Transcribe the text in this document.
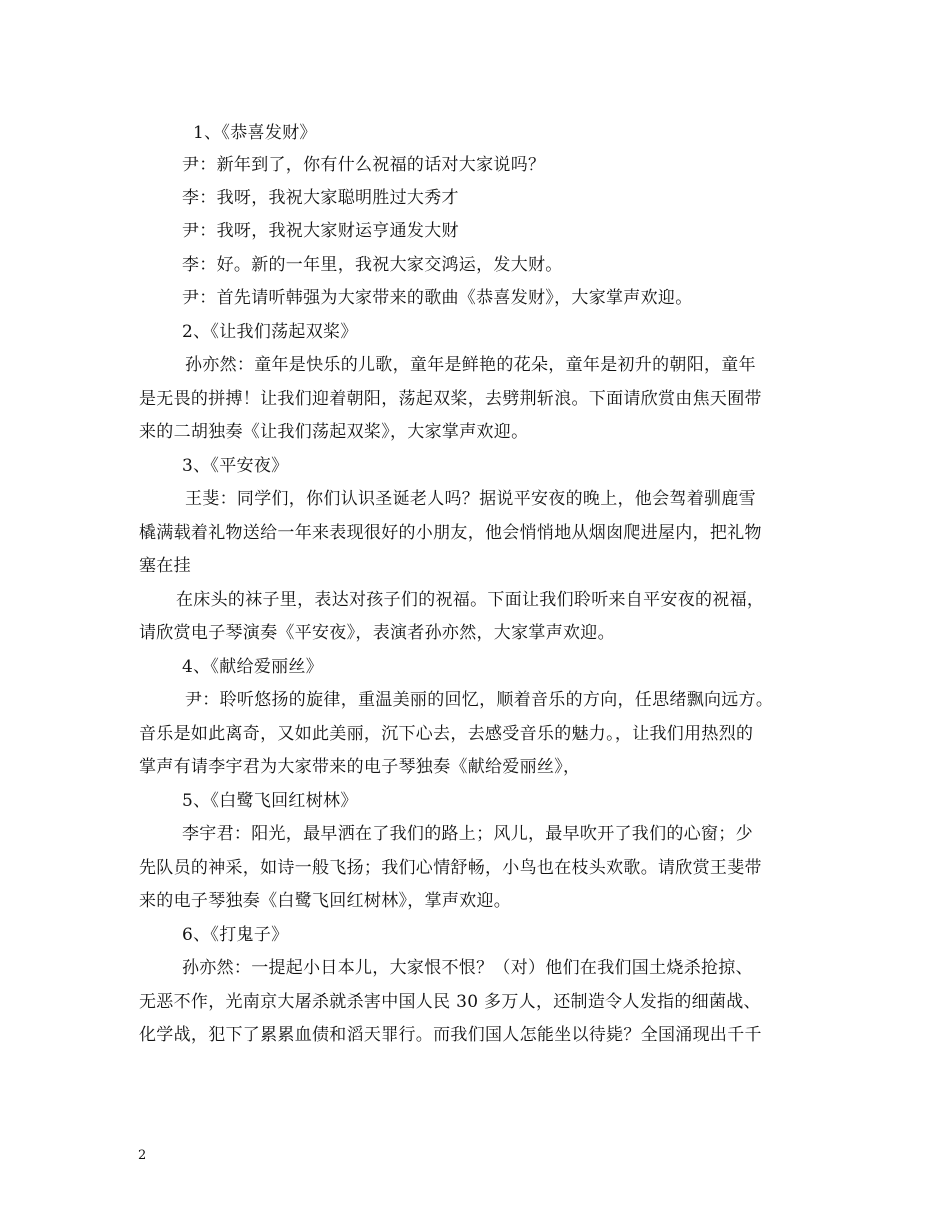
1、《恭喜发财》
尹：新年到了，你有什么祝福的话对大家说吗？
李：我呀，我祝大家聪明胜过大秀才
尹：我呀，我祝大家财运亨通发大财
李：好。新的一年里，我祝大家交鸿运，发大财。
尹：首先请听韩强为大家带来的歌曲《恭喜发财》，大家掌声欢迎。
2、《让我们荡起双桨》
孙亦然：童年是快乐的儿歌，童年是鲜艳的花朵，童年是初升的朝阳，童年
是无畏的拼搏！让我们迎着朝阳，荡起双桨，去劈荆斩浪。下面请欣赏由焦天囿带
来的二胡独奏《让我们荡起双桨》，大家掌声欢迎。
3、《平安夜》
王斐：同学们，你们认识圣诞老人吗？据说平安夜的晚上，他会驾着驯鹿雪
橇满载着礼物送给一年来表现很好的小朋友，他会悄悄地从烟囱爬进屋内，把礼物
塞在挂
在床头的袜子里，表达对孩子们的祝福。下面让我们聆听来自平安夜的祝福，
请欣赏电子琴演奏《平安夜》，表演者孙亦然，大家掌声欢迎。
4、《献给爱丽丝》
尹：聆听悠扬的旋律，重温美丽的回忆，顺着音乐的方向，任思绪飘向远方。
音乐是如此离奇，又如此美丽，沉下心去，去感受音乐的魅力。，让我们用热烈的
掌声有请李宇君为大家带来的电子琴独奏《献给爱丽丝》，
5、《白鹭飞回红树林》
李宇君：阳光，最早洒在了我们的路上；风儿，最早吹开了我们的心窗；少
先队员的神采，如诗一般飞扬；我们心情舒畅，小鸟也在枝头欢歌。请欣赏王斐带
来的电子琴独奏《白鹭飞回红树林》，掌声欢迎。
6、《打鬼子》
孙亦然：一提起小日本儿，大家恨不恨？（对）他们在我们国土烧杀抢掠、
无恶不作，光南京大屠杀就杀害中国人民 30 多万人，还制造令人发指的细菌战、
化学战，犯下了累累血债和滔天罪行。而我们国人怎能坐以待毙？全国涌现出千千
2
